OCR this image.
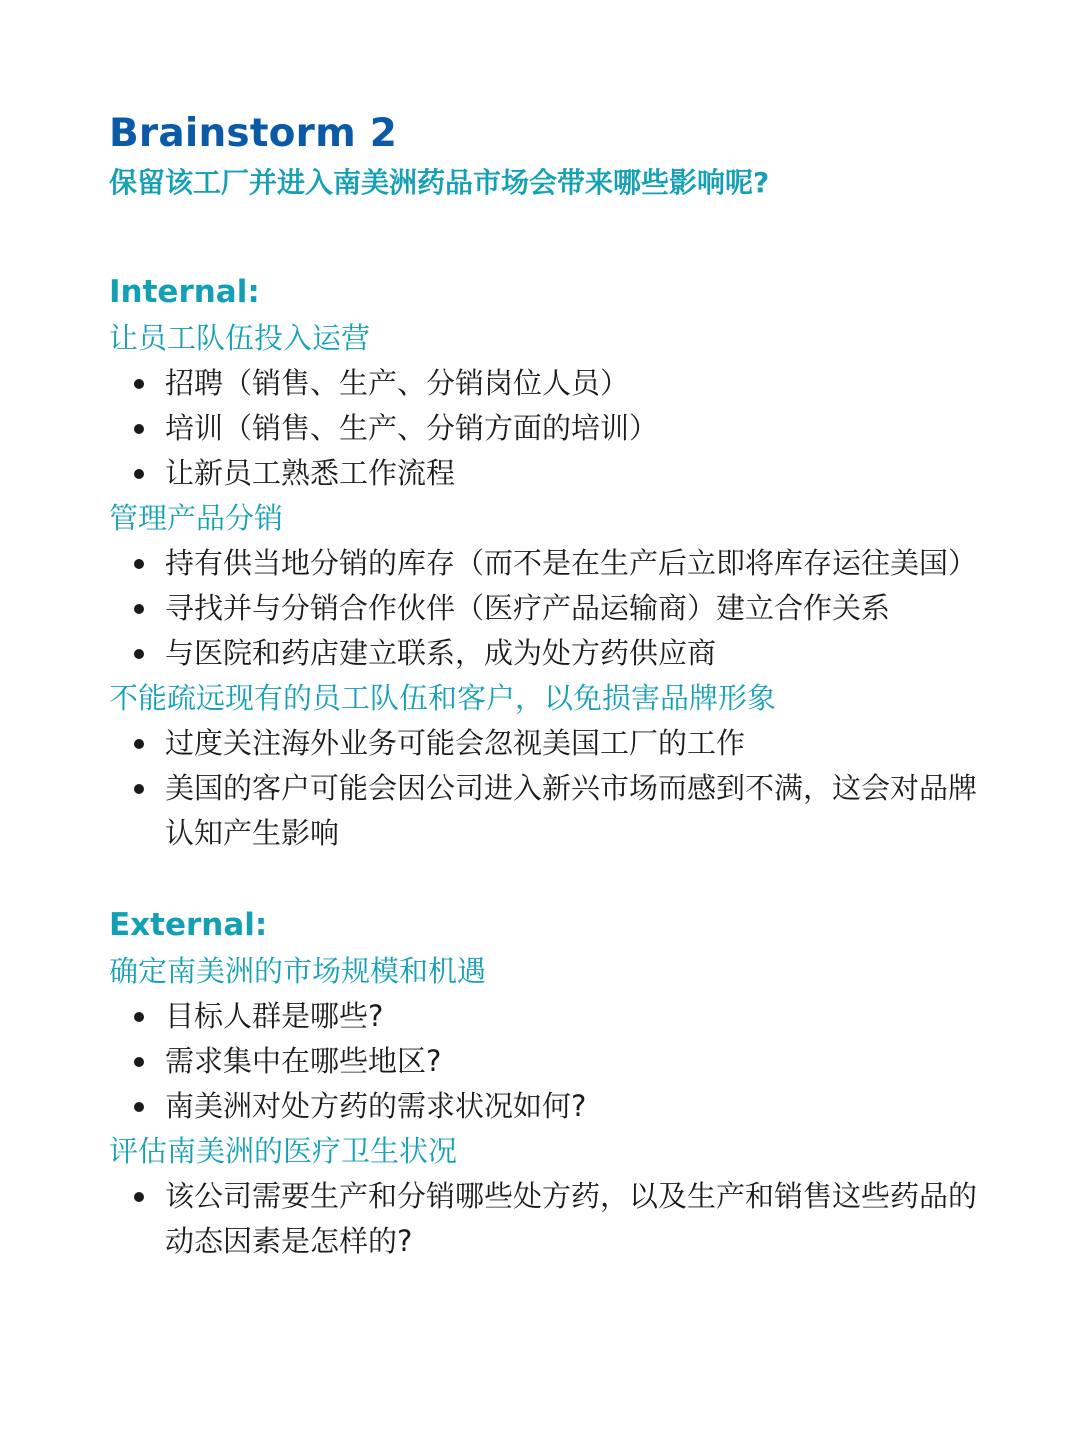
Brainstorm 2
保留该工厂并进入南美洲药品市场会带来哪些影响呢?
Internal:
让员工队伍投入运营
招聘（销售、生产、分销岗位人员）
培训（销售、生产、分销方面的培训）
让新员工熟悉工作流程
管理产品分销
持有供当地分销的库存（而不是在生产后立即将库存运往美国）
寻找并与分销合作伙伴（医疗产品运输商）建立合作关系
与医院和药店建立联系，成为处方药供应商
不能疏远现有的员工队伍和客户，以免损害品牌形象
过度关注海外业务可能会忽视美国工厂的工作
美国的客户可能会因公司进入新兴市场而感到不满，这会对品牌认知产生影响
External:
确定南美洲的市场规模和机遇
目标人群是哪些?
需求集中在哪些地区?
南美洲对处方药的需求状况如何?
评估南美洲的医疗卫生状况
该公司需要生产和分销哪些处方药，以及生产和销售这些药品的动态因素是怎样的?
